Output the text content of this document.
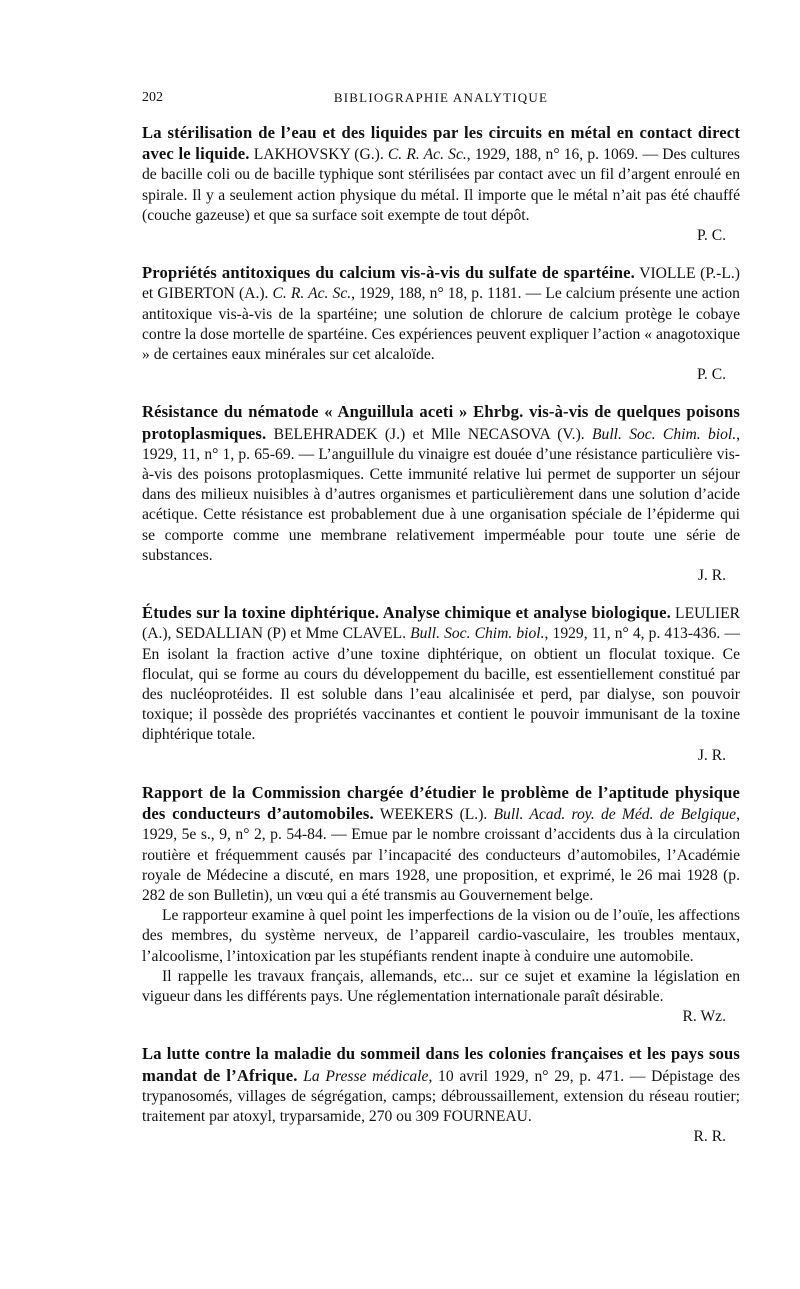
202	BIBLIOGRAPHIE ANALYTIQUE

La stérilisation de l’eau et des liquides par les circuits en métal en contact direct avec le liquide. LAKHOVSKY (G.). C. R. Ac. Sc., 1929, 188, n° 16, p. 1069. — Des cultures de bacille coli ou de bacille typhique sont stérilisées par contact avec un fil d’argent enroulé en spirale. Il y a seulement action physique du métal. Il importe que le métal n’ait pas été chauffé (couche gazeuse) et que sa surface soit exempte de tout dépôt.
P. C.

Propriétés antitoxiques du calcium vis-à-vis du sulfate de spartéine. VIOLLE (P.-L.) et GIBERTON (A.). C. R. Ac. Sc., 1929, 188, n° 18, p. 1181. — Le calcium présente une action antitoxique vis-à-vis de la spartéine; une solution de chlorure de calcium protège le cobaye contre la dose mortelle de spartéine. Ces expériences peuvent expliquer l’action « anagotoxique » de certaines eaux minérales sur cet alcaloïde.
P. C.

Résistance du nématode « Anguillula aceti » Ehrbg. vis-à-vis de quelques poisons protoplasmiques. BELEHRADEK (J.) et Mlle NECASOVA (V.). Bull. Soc. Chim. biol., 1929, 11, n° 1, p. 65-69. — L’anguillule du vinaigre est douée d’une résistance particulière vis-à-vis des poisons protoplasmiques. Cette immunité relative lui permet de supporter un séjour dans des milieux nuisibles à d’autres organismes et particulièrement dans une solution d’acide acétique. Cette résistance est probablement due à une organisation spéciale de l’épiderme qui se comporte comme une membrane relativement imperméable pour toute une série de substances.
J. R.

Études sur la toxine diphtérique. Analyse chimique et analyse biologique. LEULIER (A.), SEDALLIAN (P) et Mme CLAVEL. Bull. Soc. Chim. biol., 1929, 11, n° 4, p. 413-436. — En isolant la fraction active d’une toxine diphtérique, on obtient un floculat toxique. Ce floculat, qui se forme au cours du développement du bacille, est essentiellement constitué par des nucléoprotéides. Il est soluble dans l’eau alcalinisée et perd, par dialyse, son pouvoir toxique; il possède des propriétés vaccinantes et contient le pouvoir immunisant de la toxine diphtérique totale.
J. R.

Rapport de la Commission chargée d’étudier le problème de l’aptitude physique des conducteurs d’automobiles. WEEKERS (L.). Bull. Acad. roy. de Méd. de Belgique, 1929, 5e s., 9, n° 2, p. 54-84. — Emue par le nombre croissant d’accidents dus à la circulation routière et fréquemment causés par l’incapacité des conducteurs d’automobiles, l’Académie royale de Médecine a discuté, en mars 1928, une proposition, et exprimé, le 26 mai 1928 (p. 282 de son Bulletin), un vœu qui a été transmis au Gouvernement belge.

Le rapporteur examine à quel point les imperfections de la vision ou de l’ouïe, les affections des membres, du système nerveux, de l’appareil cardio-vasculaire, les troubles mentaux, l’alcoolisme, l’intoxication par les stupéfiants rendent inapte à conduire une automobile.

Il rappelle les travaux français, allemands, etc... sur ce sujet et examine la législation en vigueur dans les différents pays. Une réglementation internationale paraît désirable.
R. Wz.

La lutte contre la maladie du sommeil dans les colonies françaises et les pays sous mandat de l’Afrique. La Presse médicale, 10 avril 1929, n° 29, p. 471. — Dépistage des trypanosomés, villages de ségrégation, camps; débroussaillement, extension du réseau routier; traitement par atoxyl, tryparsamide, 270 ou 309 FOURNEAU.
R. R.
